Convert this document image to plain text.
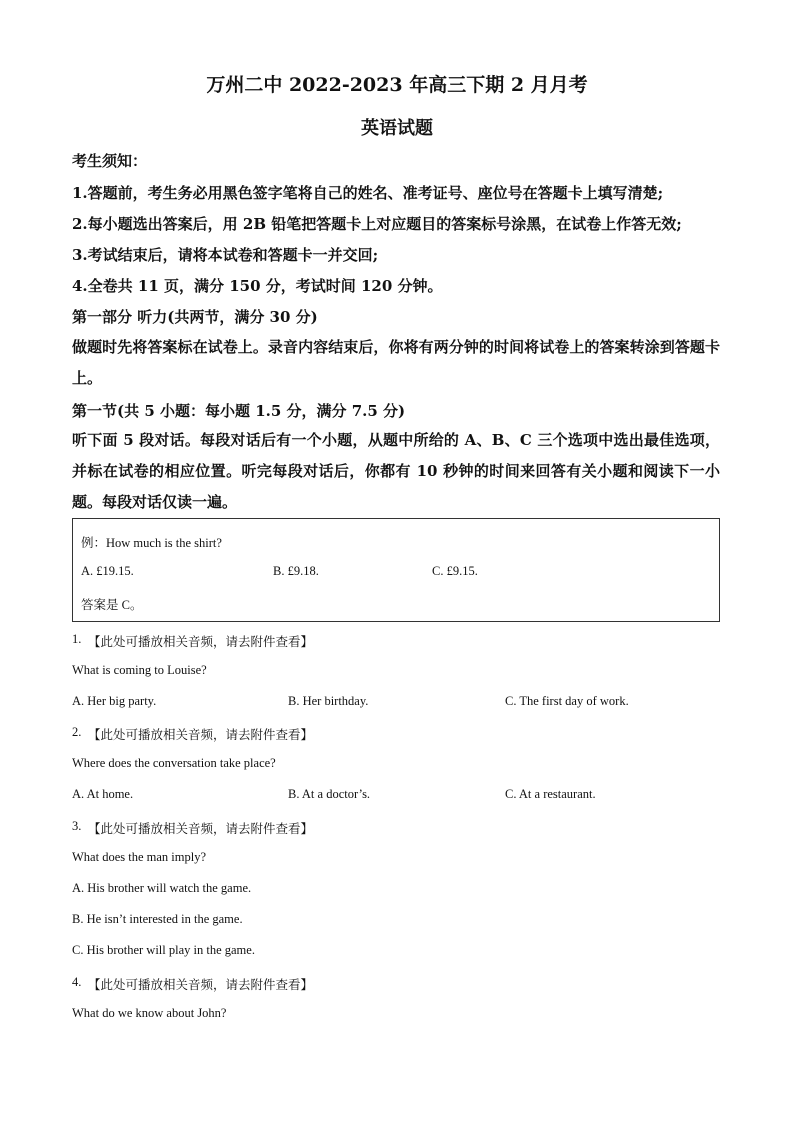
万州二中 2022-2023 年高三下期 2 月月考
英语试题
考生须知：
1.答题前，考生务必用黑色签字笔将自己的姓名、准考证号、座位号在答题卡上填写清楚;
2.每小题选出答案后，用 2B 铅笔把答题卡上对应题目的答案标号涂黑，在试卷上作答无效;
3.考试结束后，请将本试卷和答题卡一并交回;
4.全卷共 11 页，满分 150 分，考试时间 120 分钟。
第一部分 听力(共两节，满分 30 分)
做题时先将答案标在试卷上。录音内容结束后，你将有两分钟的时间将试卷上的答案转涂到答题卡上。
第一节(共 5 小题：每小题 1.5 分，满分 7.5 分)
听下面 5 段对话。每段对话后有一个小题，从题中所给的 A、B、C 三个选项中选出最佳选项，并标在试卷的相应位置。听完每段对话后，你都有 10 秒钟的时间来回答有关小题和阅读下一小题。每段对话仅读一遍。
例：How much is the shirt?
A. £19.15.	B. £9.18.	C. £9.15.
答案是 C。
1. 【此处可播放相关音频，请去附件查看】
What is coming to Louise?
A. Her big party.	B. Her birthday.	C. The first day of work.
2. 【此处可播放相关音频，请去附件查看】
Where does the conversation take place?
A. At home.	B. At a doctor’s.	C. At a restaurant.
3. 【此处可播放相关音频，请去附件查看】
What does the man imply?
A. His brother will watch the game.
B. He isn’t interested in the game.
C. His brother will play in the game.
4. 【此处可播放相关音频，请去附件查看】
What do we know about John?
